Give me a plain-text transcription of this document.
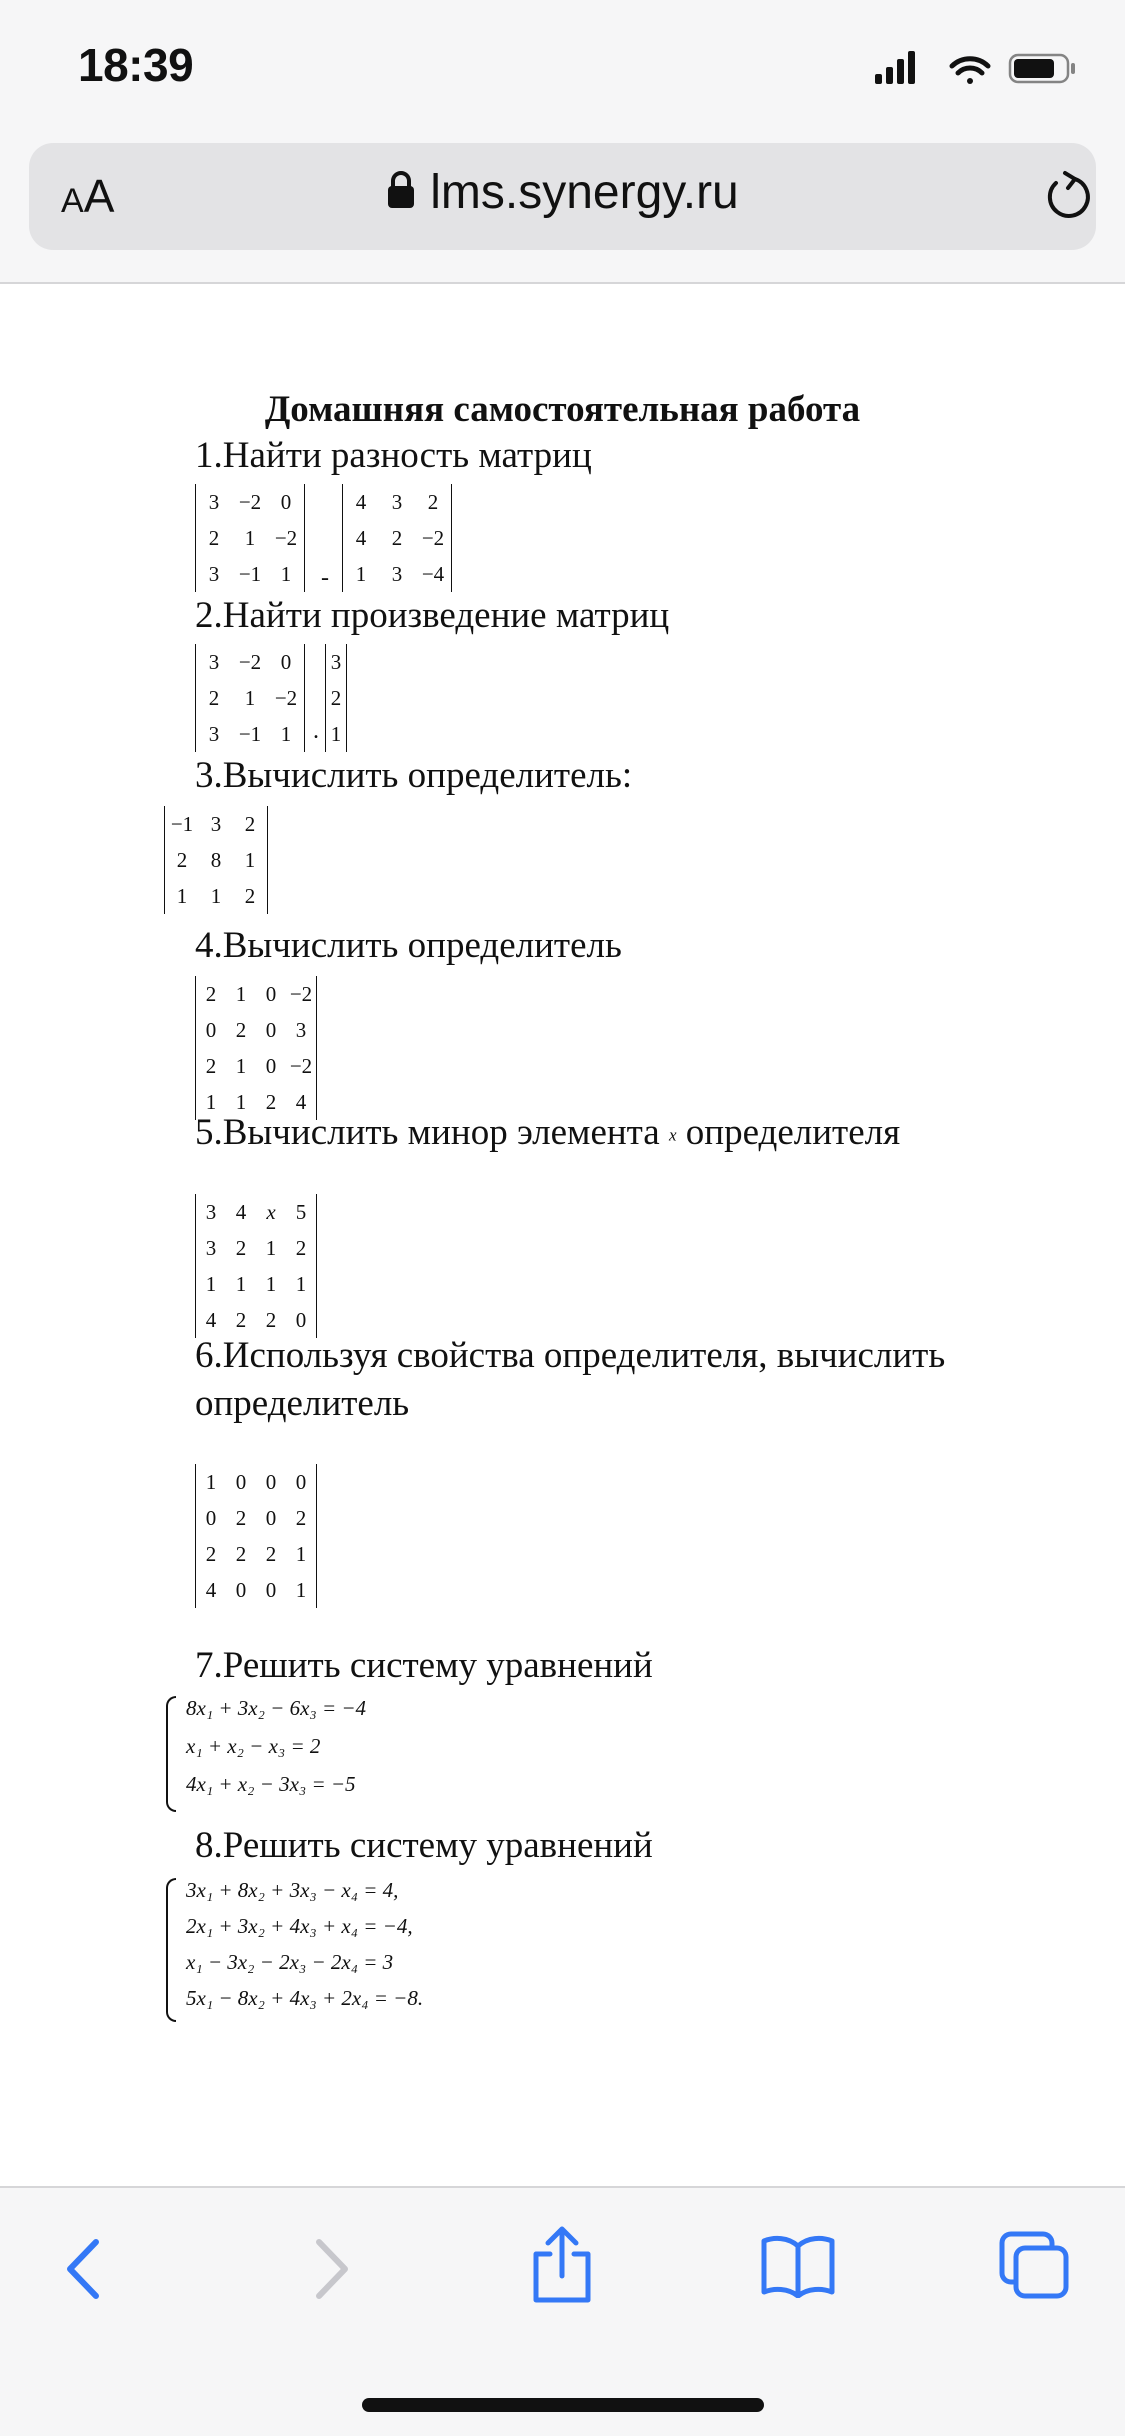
18:39
AA	lms.synergy.ru
Домашняя самостоятельная работа
1.Найти разность матриц
3	−2	0
2	1	−2
3	−1	1 -
4	3	2
4	2	−2
1	3	−4
2.Найти произведение матриц
3	−2	0
2	1	−2
3	−1	1 .
3
2
1
3.Вычислить определитель:
−1	3	2
2	8	1
1	1	2
4.Вычислить определитель
2	1	0	−2
0	2	0	3
2	1	0	−2
1	1	2	4
5.Вычислить минор элемента x определителя
3	4	x	5
3	2	1	2
1	1	1	1
4	2	2	0
6.Используя свойства определителя, вычислить
определитель
1	0	0	0
0	2	0	2
2	2	2	1
4	0	0	1
7.Решить систему уравнений
8x₁ + 3x₂ − 6x₃ = −4
x₁ + x₂ − x₃ = 2
4x₁ + x₂ − 3x₃ = −5
8.Решить систему уравнений
3x₁ + 8x₂ + 3x₃ − x₄ = 4,
2x₁ + 3x₂ + 4x₃ + x₄ = −4,
x₁ − 3x₂ − 2x₃ − 2x₄ = 3
5x₁ − 8x₂ + 4x₃ + 2x₄ = −8.
